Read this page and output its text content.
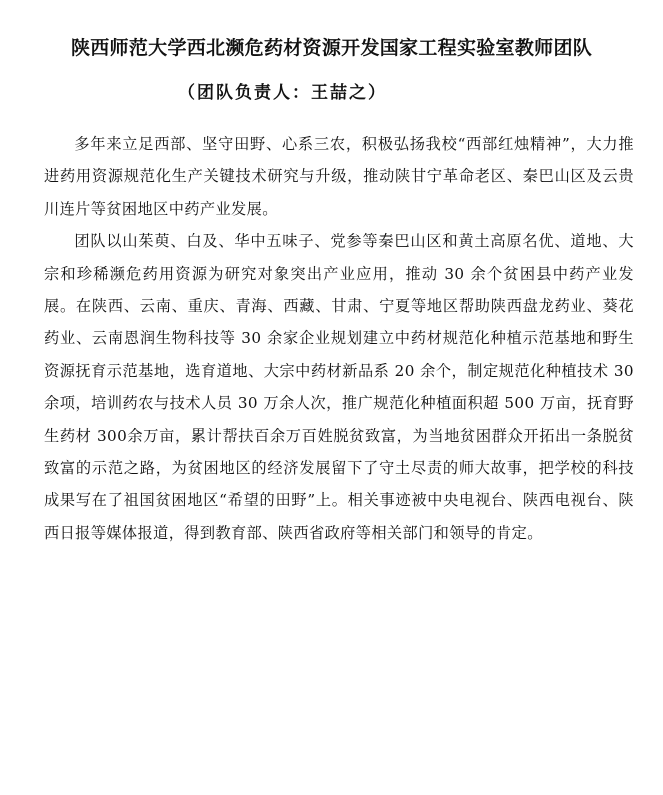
陕西师范大学西北濒危药材资源开发国家工程实验室教师团队
（团队负责人：王喆之）

多年来立足西部、坚守田野、心系三农，积极弘扬我校“西部红烛精神”，大力推进药用资源规范化生产关键技术研究与升级，推动陕甘宁革命老区、秦巴山区及云贵川连片等贫困地区中药产业发展。

团队以山茱萸、白及、华中五味子、党参等秦巴山区和黄土高原名优、道地、大宗和珍稀濒危药用资源为研究对象突出产业应用，推动 30 余个贫困县中药产业发展。在陕西、云南、重庆、青海、西藏、甘肃、宁夏等地区帮助陕西盘龙药业、葵花药业、云南恩润生物科技等 30 余家企业规划建立中药材规范化种植示范基地和野生资源抚育示范基地，选育道地、大宗中药材新品系 20 余个，制定规范化种植技术 30 余项，培训药农与技术人员 30 万余人次，推广规范化种植面积超 500 万亩，抚育野生药材 300余万亩，累计帮扶百余万百姓脱贫致富，为当地贫困群众开拓出一条脱贫致富的示范之路，为贫困地区的经济发展留下了守土尽责的师大故事，把学校的科技成果写在了祖国贫困地区“希望的田野”上。相关事迹被中央电视台、陕西电视台、陕西日报等媒体报道，得到教育部、陕西省政府等相关部门和领导的肯定。
